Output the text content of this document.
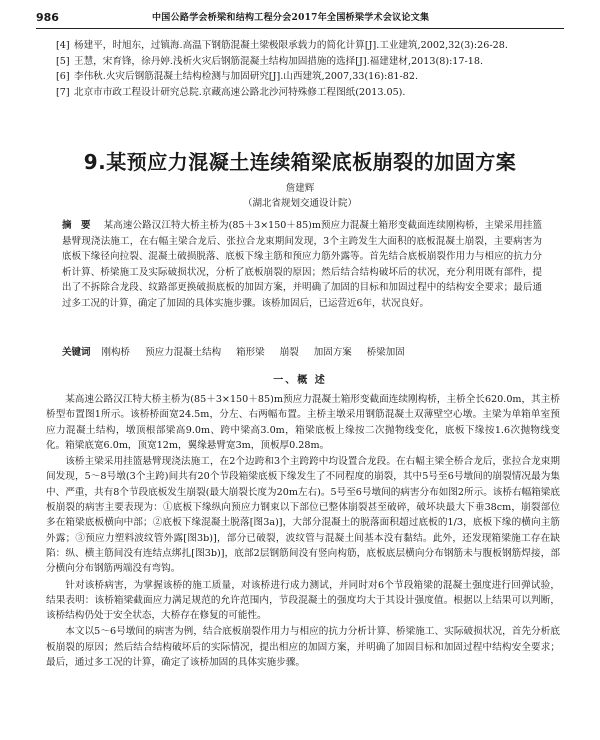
986	中国公路学会桥梁和结构工程分会2017年全国桥梁学术会议论文集
[4] 杨建平，时旭东，过镇海.高温下钢筋混凝土梁极限承载力的简化计算[J].工业建筑,2002,32(3):26-28.
[5] 王慧，宋育锋，徐丹婷.浅析火灾后钢筋混凝土结构加固措施的选择[J].福建建材,2013(8):17-18.
[6] 李伟秋.火灾后钢筋混凝土结构检测与加固研究[J].山西建筑,2007,33(16):81-82.
[7] 北京市市政工程设计研究总院.京藏高速公路北沙河特殊修工程图纸(2013.05).
9.某预应力混凝土连续箱梁底板崩裂的加固方案
詹建辉
（湖北省规划交通设计院）
摘 要 某高速公路汉江特大桥主桥为(85＋3×150＋85)m预应力混凝土箱形变截面连续刚构桥，主梁采用挂篮悬臂现浇法施工，在右幅主梁合龙后、张拉合龙束期间发现，3个主跨发生大面积的底板混凝土崩裂，主要病害为底板下缘径向拉裂、混凝土破损脱落、底板下缘主筋和预应力筋外露等。首先结合底板崩裂作用力与相应的抗力分析计算、桥梁施工及实际破损状况，分析了底板崩裂的原因；然后结合结构破坏后的状况，充分利用既有部件，提出了不拆除合龙段、纹路部更换破损底板的加固方案，并明确了加固的目标和加固过程中的结构安全要求；最后通过多工况的计算，确定了加固的具体实施步骤。该桥加固后，已运营近6年，状况良好。
关键词 刚构桥 预应力混凝土结构 箱形梁 崩裂 加固方案 桥梁加固
一、概 述

某高速公路汉江特大桥主桥为(85＋3×150＋85)m预应力混凝土箱形变截面连续刚构桥，主桥全长620.0m，其主桥桥型布置图1所示。该桥桥面宽24.5m，分左、右两幅布置。主桥主墩采用钢筋混凝土双薄壁空心墩。主梁为单箱单室预应力混凝土结构，墩顶根部梁高9.0m、跨中梁高3.0m，箱梁底板上缘按二次抛物线变化，底板下缘按1.6次抛物线变化。箱梁底宽6.0m，顶宽12m，翼缘悬臂宽3m，顶板厚0.28m。

该桥主梁采用挂篮悬臂现浇法施工，在2个边跨和3个主跨跨中均设置合龙段。在右幅主梁全桥合龙后，张拉合龙束期间发现，5～8号墩(3个主跨)间共有20个节段箱梁底板下缘发生了不同程度的崩裂，其中5号至6号墩间的崩裂情况最为集中、严重，共有8个节段底板发生崩裂(最大崩裂长度为20m左右)。5号至6号墩间的病害分布如图2所示。该桥右幅箱梁底板崩裂的病害主要表现为：①底板下缘纵向预应力钢束以下部位已整体崩裂甚至破碎，破坏块最大下垂38cm，崩裂部位多在箱梁底板横向中部；②底板下缘混凝土脱落[图3a)]，大部分混凝土的脱落面积超过底板的1/3，底板下缘的横向主筋外露；③预应力塑料波纹管外露[图3b)]，部分已破裂，波纹管与混凝土间基本没有黏结。此外，还发现箱梁施工存在缺陷：纵、横主筋间没有连结点绑扎[图3b)]，底部2层钢筋间没有竖向构筋，底板底层横向分布钢筋未与腹板钢筋焊接，部分横向分布钢筋两端没有弯钩。

针对该桥病害，为掌握该桥的施工质量，对该桥进行成力测试，并同时对6个节段箱梁的混凝土强度进行回弹试验，结果表明：该桥箱梁截面应力满足规范的允许范围内，节段混凝土的强度均大于其设计强度值。根据以上结果可以判断，该桥结构仍处于安全状态，大桥存在修复的可能性。

本文以5～6号墩间的病害为例，结合底板崩裂作用力与相应的抗力分析计算、桥梁施工、实际破损状况，首先分析底板崩裂的原因；然后结合结构破坏后的实际情况，提出相应的加固方案，并明确了加固目标和加固过程中结构安全要求；最后，通过多工况的计算，确定了该桥加固的具体实施步骤。
